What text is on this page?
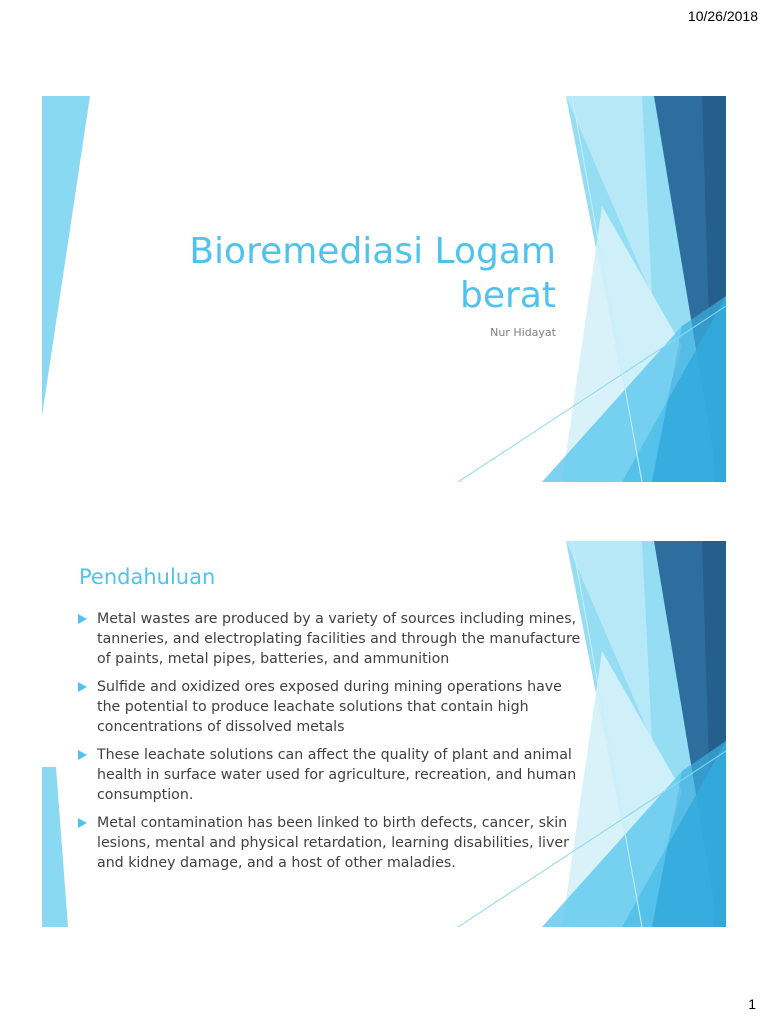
10/26/2018
Bioremediasi Logam berat

Nur Hidayat

Pendahuluan
Metal wastes are produced by a variety of sources including mines, tanneries, and electroplating facilities and through the manufacture of paints, metal pipes, batteries, and ammunition
Sulfide and oxidized ores exposed during mining operations have the potential to produce leachate solutions that contain high concentrations of dissolved metals
These leachate solutions can affect the quality of plant and animal health in surface water used for agriculture, recreation, and human consumption.
Metal contamination has been linked to birth defects, cancer, skin lesions, mental and physical retardation, learning disabilities, liver and kidney damage, and a host of other maladies.
1
